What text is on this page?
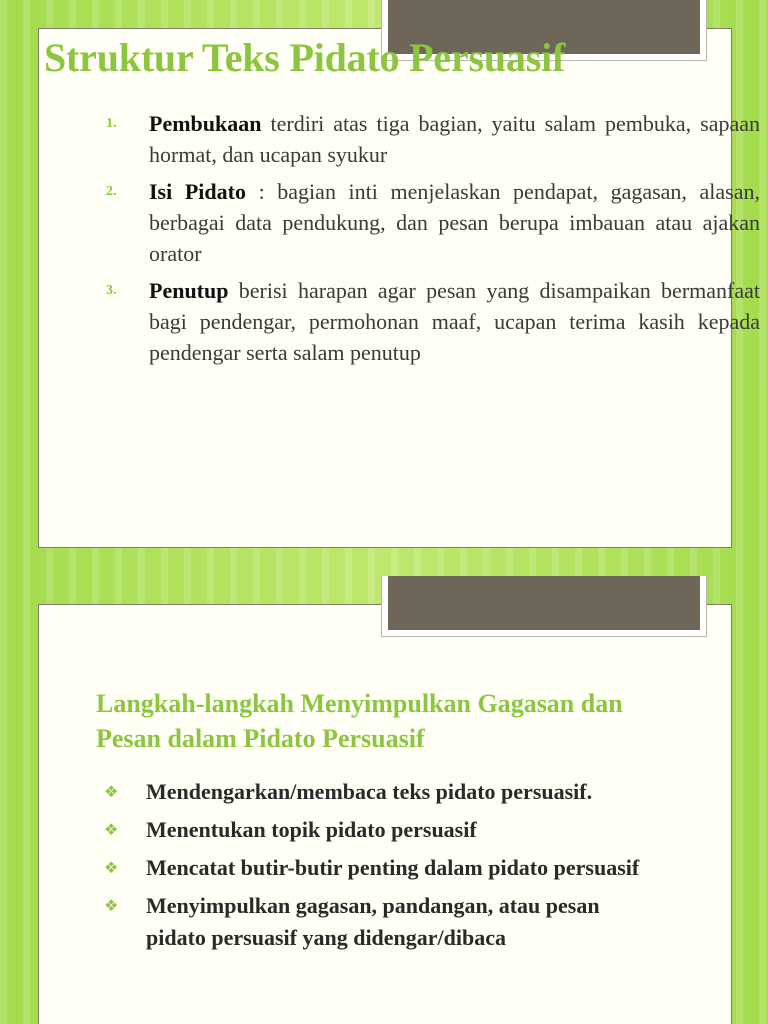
Struktur Teks Pidato Persuasif
1. Pembukaan terdiri atas tiga bagian, yaitu salam pembuka, sapaan hormat, dan ucapan syukur
2. Isi Pidato : bagian inti menjelaskan pendapat, gagasan, alasan, berbagai data pendukung, dan pesan berupa imbauan atau ajakan orator
3. Penutup berisi harapan agar pesan yang disampaikan bermanfaat bagi pendengar, permohonan maaf, ucapan terima kasih kepada pendengar serta salam penutup
Langkah-langkah Menyimpulkan Gagasan dan Pesan dalam Pidato Persuasif
❖ Mendengarkan/membaca teks pidato persuasif.
❖ Menentukan topik pidato persuasif
❖ Mencatat butir-butir penting dalam pidato persuasif
❖ Menyimpulkan gagasan, pandangan, atau pesan pidato persuasif yang didengar/dibaca
